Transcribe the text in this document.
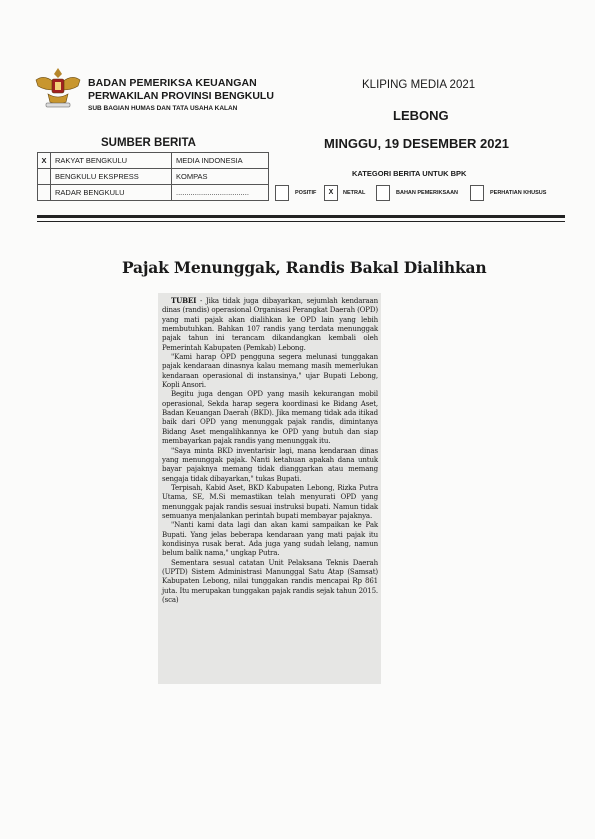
BADAN PEMERIKSA KEUANGAN
PERWAKILAN PROVINSI BENGKULU
SUB BAGIAN HUMAS DAN TATA USAHA KALAN
KLIPING MEDIA 2021
LEBONG
MINGGU, 19 DESEMBER 2021
SUMBER BERITA
X	RAKYAT BENGKULU	MEDIA INDONESIA
	BENGKULU EKSPRESS	KOMPAS
	RADAR BENGKULU	...................................
KATEGORI BERITA UNTUK BPK
POSITIF	X	NETRAL	BAHAN PEMERIKSAAN	PERHATIAN KHUSUS
Pajak Menunggak, Randis Bakal Dialihkan

TUBEI - Jika tidak juga dibayarkan, sejumlah kendaraan dinas (randis) operasional Organisasi Perangkat Daerah (OPD) yang mati pajak akan dialihkan ke OPD lain yang lebih membutuhkan. Bahkan 107 randis yang terdata menunggak pajak tahun ini terancam dikandangkan kembali oleh Pemerintah Kabupaten (Pemkab) Lebong.

"Kami harap OPD pengguna segera melunasi tunggakan pajak kendaraan dinasnya kalau memang masih memerlukan kendaraan operasional di instansinya," ujar Bupati Lebong, Kopli Ansori.

Begitu juga dengan OPD yang masih kekurangan mobil operasional, Sekda harap segera koordinasi ke Bidang Aset, Badan Keuangan Daerah (BKD). Jika memang tidak ada itikad baik dari OPD yang menunggak pajak randis, dimintanya Bidang Aset mengalihkannya ke OPD yang butuh dan siap membayarkan pajak randis yang menunggak itu.

"Saya minta BKD inventarisir lagi, mana kendaraan dinas yang menunggak pajak. Nanti ketahuan apakah dana untuk bayar pajaknya memang tidak dianggarkan atau memang sengaja tidak dibayarkan," tukas Bupati.

Terpisah, Kabid Aset, BKD Kabupaten Lebong, Rizka Putra Utama, SE, M.Si memastikan telah menyurati OPD yang menunggak pajak randis sesuai instruksi bupati. Namun tidak semuanya menjalankan perintah bupati membayar pajaknya.

"Nanti kami data lagi dan akan kami sampaikan ke Pak Bupati. Yang jelas beberapa kendaraan yang mati pajak itu kondisinya rusak berat. Ada juga yang sudah lelang, namun belum balik nama," ungkap Putra.

Sementara sesual catatan Unit Pelaksana Teknis Daerah (UPTD) Sistem Administrasi Manunggal Satu Atap (Samsat) Kabupaten Lebong, nilai tunggakan randis mencapai Rp 861 juta. Itu merupakan tunggakan pajak randis sejak tahun 2015. (sca)
